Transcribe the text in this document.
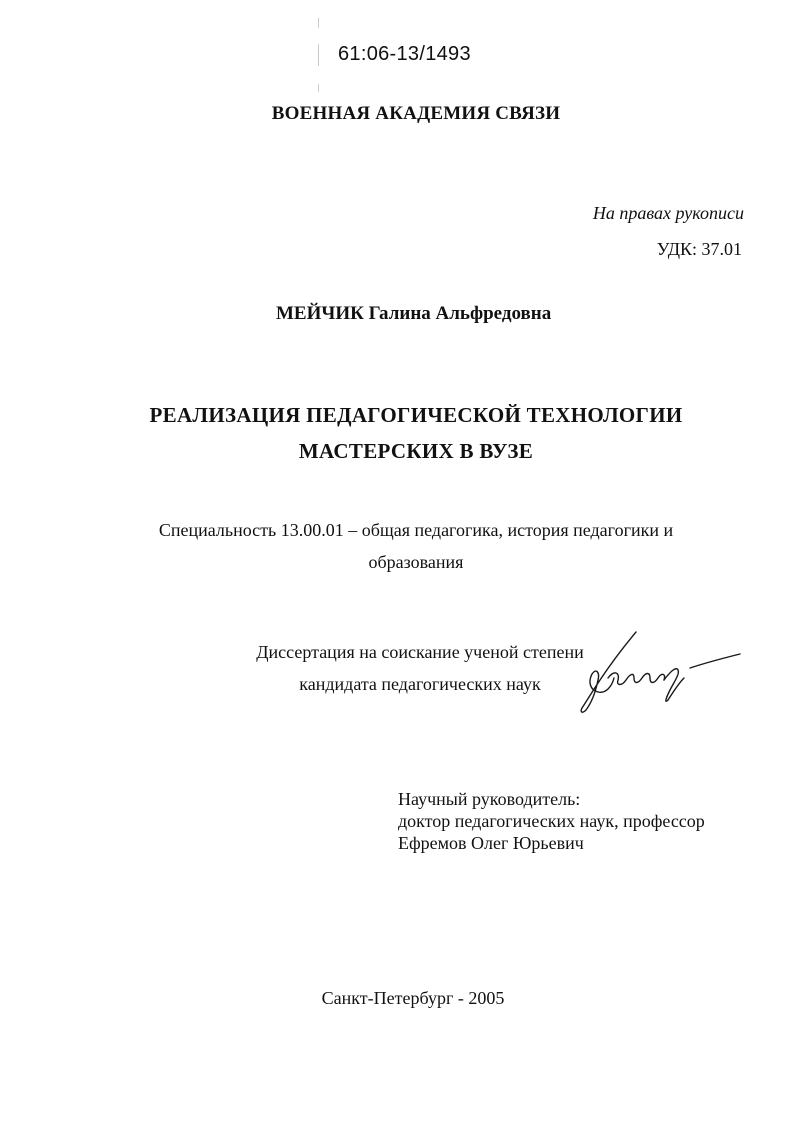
61:06-13/1493
ВОЕННАЯ АКАДЕМИЯ СВЯЗИ
На правах рукописи
УДК: 37.01
МЕЙЧИК Галина Альфредовна
РЕАЛИЗАЦИЯ ПЕДАГОГИЧЕСКОЙ ТЕХНОЛОГИИ
МАСТЕРСКИХ В ВУЗЕ
Специальность 13.00.01 – общая педагогика, история педагогики и
образования
Диссертация на соискание ученой степени
кандидата педагогических наук
Научный руководитель:
доктор педагогических наук, профессор
Ефремов Олег Юрьевич
Санкт-Петербург - 2005
